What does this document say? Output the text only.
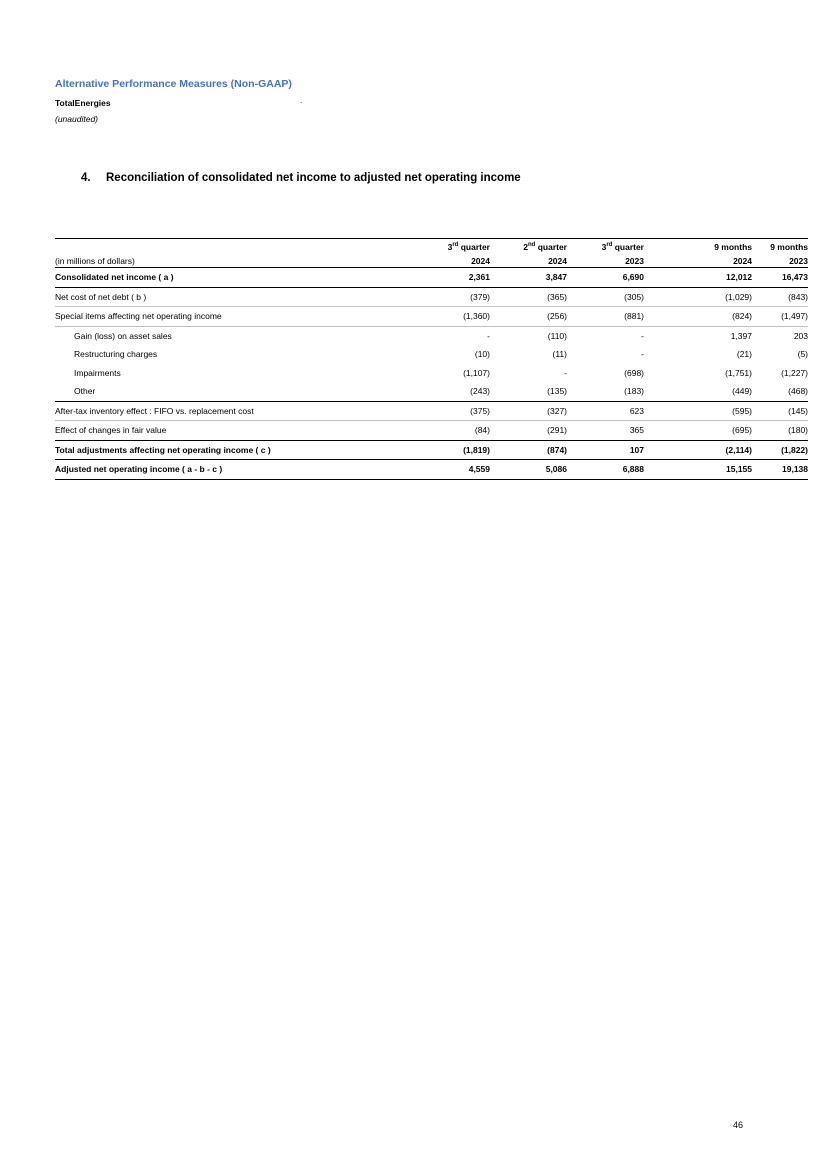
Alternative Performance Measures (Non-GAAP)
TotalEnergies	.
(unaudited)
4. Reconciliation of consolidated net income to adjusted net operating income
	3rd quarter	2nd quarter	3rd quarter	9 months	9 months
(in millions of dollars)	2024	2024	2023	2024	2023
Consolidated net income ( a )	2,361	3,847	6,690	12,012	16,473
Net cost of net debt ( b )	(379)	(365)	(305)	(1,029)	(843)
Special items affecting net operating income	(1,360)	(256)	(881)	(824)	(1,497)
Gain (loss) on asset sales	-	(110)	-	1,397	203
Restructuring charges	(10)	(11)	-	(21)	(5)
Impairments	(1,107)	-	(698)	(1,751)	(1,227)
Other	(243)	(135)	(183)	(449)	(468)
After-tax inventory effect : FIFO vs. replacement cost	(375)	(327)	623	(595)	(145)
Effect of changes in fair value	(84)	(291)	365	(695)	(180)
Total adjustments affecting net operating income ( c )	(1,819)	(874)	107	(2,114)	(1,822)
Adjusted net operating income ( a - b - c )	4,559	5,086	6,888	15,155	19,138
46
